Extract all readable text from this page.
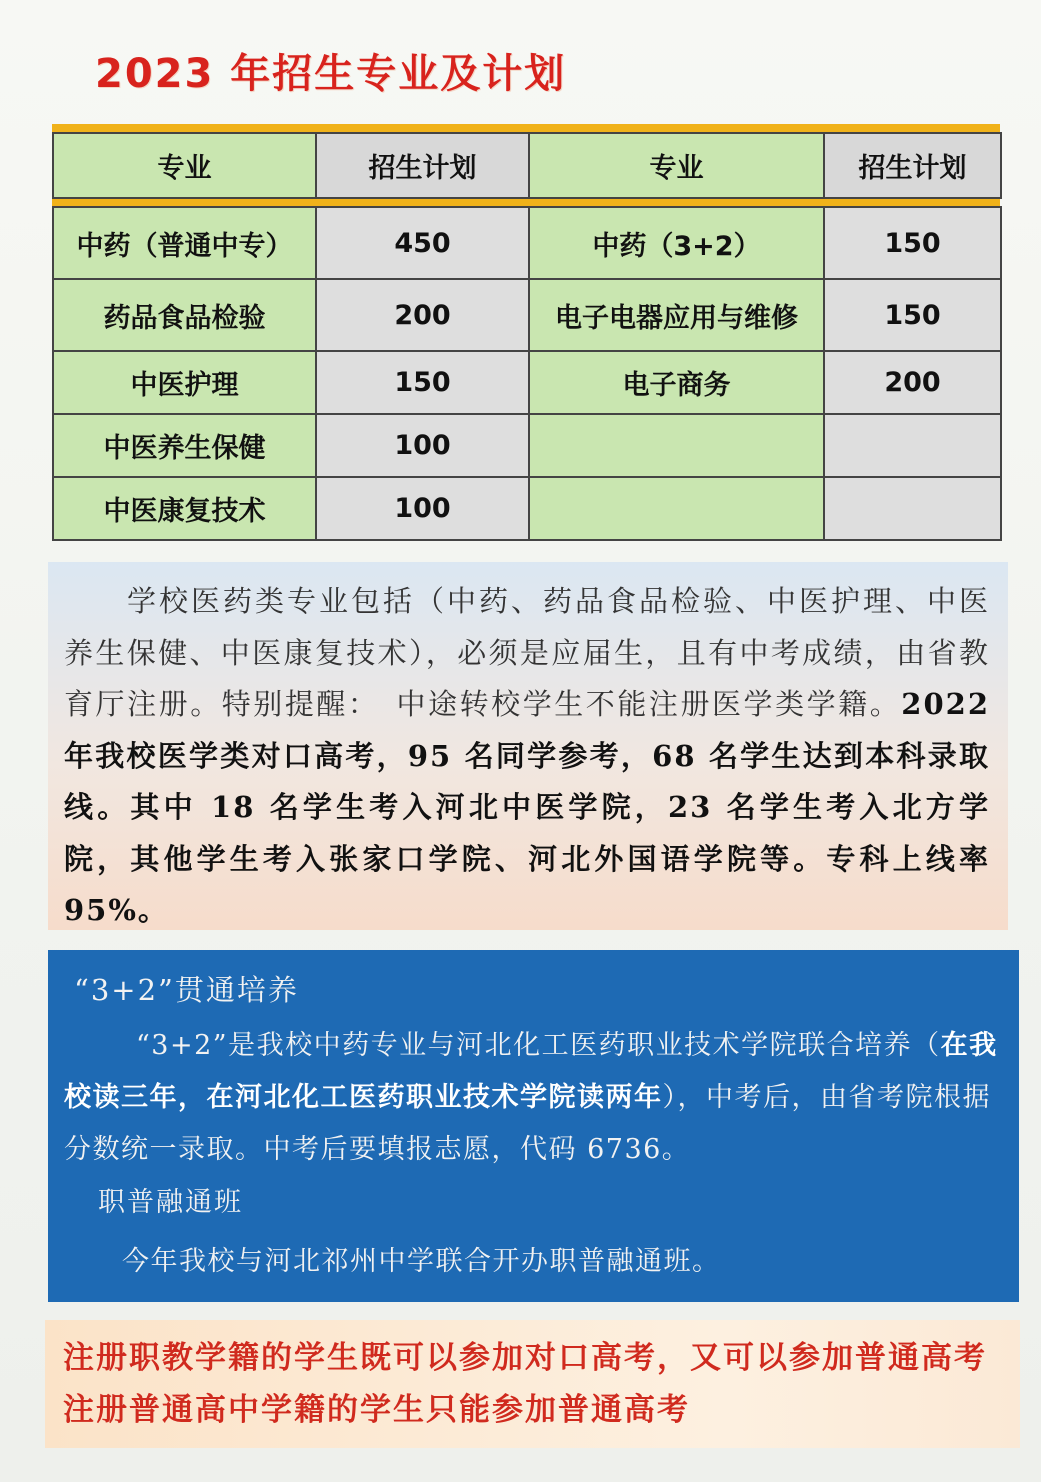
2023 年招生专业及计划
专业	招生计划	专业	招生计划
中药（普通中专）	450	中药（3+2）	150
药品食品检验	200	电子电器应用与维修	150
中医护理	150	电子商务	200
中医养生保健	100		
中医康复技术	100		

学校医药类专业包括（中药、药品食品检验、中医护理、中医养生保健、中医康复技术），必须是应届生，且有中考成绩，由省教育厅注册。特别提醒：　中途转校学生不能注册医学类学籍。2022 年我校医学类对口高考，95 名同学参考，68 名学生达到本科录取线。其中 18 名学生考入河北中医学院，23 名学生考入北方学院，其他学生考入张家口学院、河北外国语学院等。专科上线率 95%。

“3+2”贯通培养

“3+2”是我校中药专业与河北化工医药职业技术学院联合培养（在我校读三年，在河北化工医药职业技术学院读两年），中考后，由省考院根据分数统一录取。中考后要填报志愿，代码 6736。

职普融通班

今年我校与河北祁州中学联合开办职普融通班。

注册职教学籍的学生既可以参加对口高考，又可以参加普通高考

注册普通高中学籍的学生只能参加普通高考
